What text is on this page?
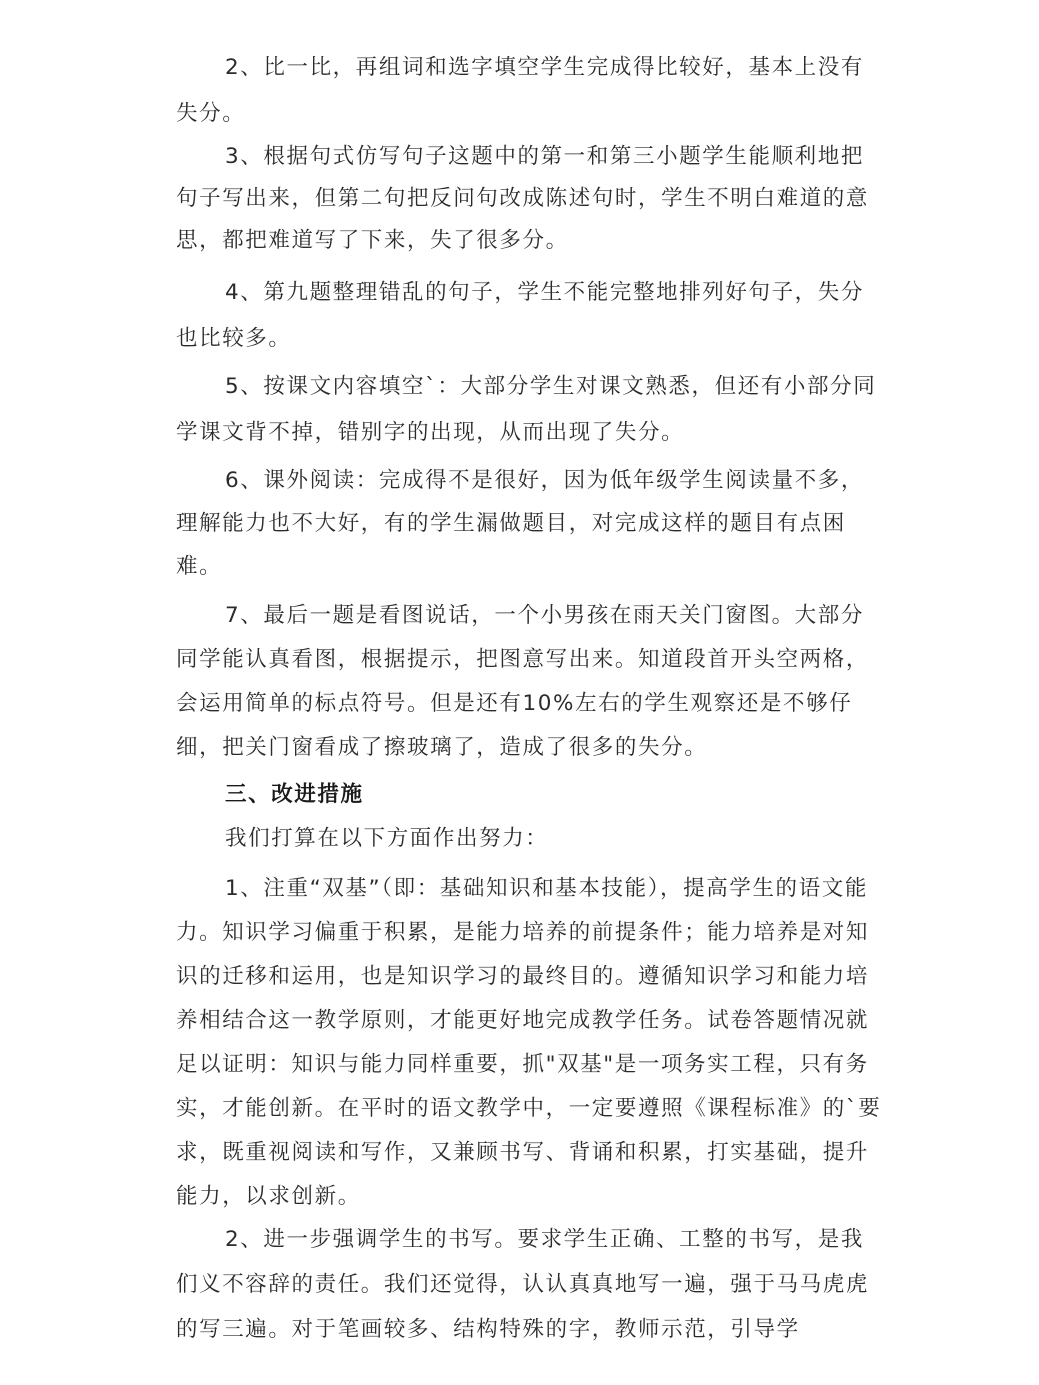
2、比一比，再组词和选字填空学生完成得比较好，基本上没有失分。

3、根据句式仿写句子这题中的第一和第三小题学生能顺利地把句子写出来，但第二句把反问句改成陈述句时，学生不明白难道的意思，都把难道写了下来，失了很多分。

4、第九题整理错乱的句子，学生不能完整地排列好句子，失分也比较多。

5、按课文内容填空`：大部分学生对课文熟悉，但还有小部分同学课文背不掉，错别字的出现，从而出现了失分。

6、课外阅读：完成得不是很好，因为低年级学生阅读量不多，理解能力也不大好，有的学生漏做题目，对完成这样的题目有点困难。

7、最后一题是看图说话，一个小男孩在雨天关门窗图。大部分同学能认真看图，根据提示，把图意写出来。知道段首开头空两格，会运用简单的标点符号。但是还有10%左右的学生观察还是不够仔细，把关门窗看成了擦玻璃了，造成了很多的失分。

三、改进措施

我们打算在以下方面作出努力：

1、注重“双基”（即：基础知识和基本技能），提高学生的语文能力。知识学习偏重于积累，是能力培养的前提条件；能力培养是对知识的迁移和运用，也是知识学习的最终目的。遵循知识学习和能力培养相结合这一教学原则，才能更好地完成教学任务。试卷答题情况就足以证明：知识与能力同样重要，抓"双基"是一项务实工程，只有务实，才能创新。在平时的语文教学中，一定要遵照《课程标准》的`要求，既重视阅读和写作，又兼顾书写、背诵和积累，打实基础，提升能力，以求创新。

2、进一步强调学生的书写。要求学生正确、工整的书写，是我们义不容辞的责任。我们还觉得，认认真真地写一遍，强于马马虎虎的写三遍。对于笔画较多、结构特殊的字，教师示范，引导学
